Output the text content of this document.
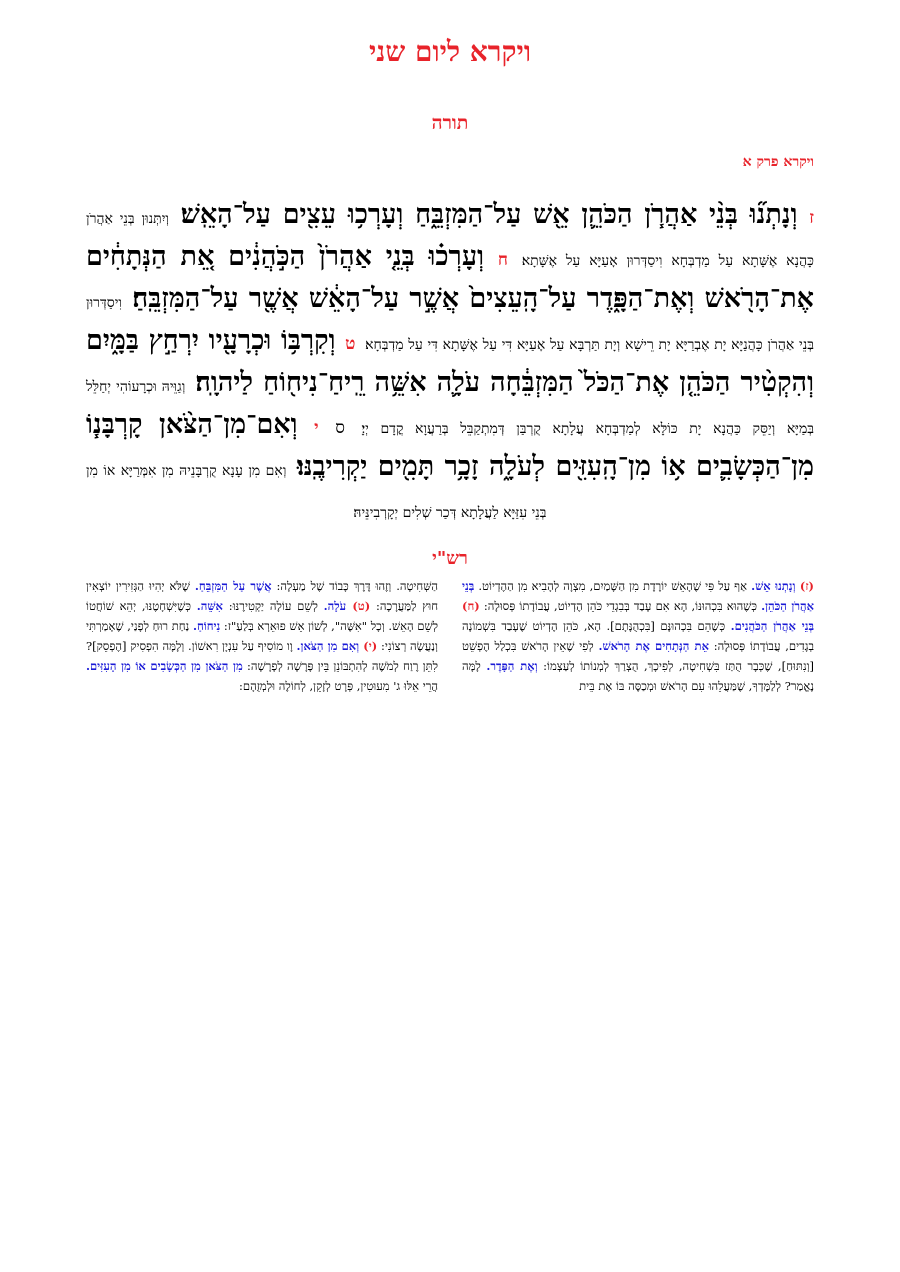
ויקרא ליום שני
תורה
ויקרא פרק א
ז וְנָתְנ֞וּ בְּנֵ֨י אַהֲרֹ֧ן הַכֹּהֵ֛ן אֵ֖שׁ עַל־הַמִּזְבֵּ֑חַ וְעָרְכ֥וּ עֵצִ֖ים עַל־הָאֵֽשׁ׃ וְיִתְּנוּן בְּנֵי אַהֲרֹן כָּהֲנָא אֶשָּׁתָא עַל מַדְבְּחָא וִיסַדְּרוּן אָעַיָּא עַל אֶשָּׁתָא׃ ח וְעָרְכ֗וּ בְּנֵ֤י אַהֲרֹן֙ הַכֹּ֣הֲנִ֔ים אֵ֚ת הַנְּתָחִ֔ים אֶת־הָרֹ֖אשׁ וְאֶת־הַפָּ֑דֶר עַל־הָֽעֵצִים֙ אֲשֶׁ֣ר עַל־הָאֵ֔שׁ אֲשֶׁ֖ר עַל־הַמִּזְבֵּֽחַ׃ וִיסַדְּרוּן בְּנֵי אַהֲרֹן כָּהֲנַיָּא יָת אֶבְרַיָּא יָת רֵישָׁא וְיָת תַּרְבָּא עַל אָעַיָּא דִּי עַל אֶשָּׁתָא דִּי עַל מַדְבְּחָא׃ ט וְקִרְבּ֥וֹ וּכְרָעָ֖יו יִרְחַ֣ץ בַּמָּ֑יִם וְהִקְטִ֨יר הַכֹּהֵ֤ן אֶת־הַכֹּל֙ הַמִּזְבֵּ֔חָה עֹלָ֛ה אִשֵּׁ֥ה רֵֽיחַ־נִיח֖וֹחַ לַיהוָֽה׃ וְגַוֵּיהּ וּכְרָעוֹהִי יְחַלֵּל בְּמַיָּא וְיַסֵּק כַּהֲנָא יָת כּוֹלָּא לְמַדְבְּחָא עֲלָתָא קֻרְבַּן דְּמִתְקַבֵּל בְּרַעֲוָא קֳדָם יְיָ׃ ס י וְאִם־מִן־הַצֹּ֨אן קָרְבָּנ֧וֹ מִן־הַכְּשָׂבִ֛ים א֥וֹ מִן־הָֽעִזִּ֖ים לְעֹלָ֑ה זָכָ֥ר תָּמִ֖ים יַקְרִיבֶֽנּוּ׃ וְאִם מִן עָנָא קֻרְבָּנֵיהּ מִן אִמְּרַיָּא אוֹ מִן בְּנֵי עִזַּיָּא לַעֲלָתָא דְּכַר שְׁלִים יְקָרְבִינֵּיהּ׃
רש"י
(ז) וְנָתְנוּ אֵשׁ. אַף עַל פִּי שֶׁהָאֵשׁ יוֹרֶדֶת מִן הַשָּׁמַיִם, מִצְוָה לְהָבִיא מִן הַהֶדְיוֹט. בְּנֵי אַהֲרֹן הַכֹּהֵן. כְּשֶׁהוּא בִּכְהוּנּוֹ, הָא אִם עָבַד בְּבִגְדֵי כֹּהֵן הֶדְיוֹט, עֲבוֹדָתוֹ פְּסוּלָה: (ח) בְּנֵי אַהֲרֹן הַכֹּהֲנִים. כְּשֶׁהֵם בִּכְהוּנָּם [בִּכְהֻנָּתָם]. הָא, כֹּהֵן הֶדְיוֹט שֶׁעָבַד בִּשְׁמוֹנָה בְגָדִים, עֲבוֹדָתוֹ פְּסוּלָה: אֵת הַנְּתָחִים אֶת הָרֹאשׁ. לְפִי שֶׁאֵין הָרֹאשׁ בִּכְלַל הֶפְשֵׁט [וְנִתּוּחַ], שֶׁכְּבָר הֻתַּז בִּשְׁחִיטָה, לְפִיכָךְ, הֻצְרַךְ לְמְנוֹתוֹ לְעַצְמוֹ: וְאֶת הַפָּדֶר. לָמָּה נֶאֱמַר? לְלַמֶּדְךָ, שֶׁמַּעֲלֵהוּ עִם הָרֹאשׁ וּמְכַסֶּה בּוֹ אֶת בֵּית
הַשְּׁחִיטָה. וְזֶהוּ דֶּרֶךְ כָּבוֹד שֶׁל מַעְלָה: אֲשֶׁר עַל הַמִּזְבֵּחַ. שֶׁלֹּא יְהִיוּ הַגְּזִירִין יוֹצְאִין חוּץ לַמַּעֲרָכָה: (ט) עֹלָה. לְשֵׁם עוֹלָה יַקְטִירֶנּוּ: אִשֵּׁה. כְּשֶׁיִּשְׁחָטֶנּוּ, יְהֵא שׁוֹחֲטוֹ לְשֵׁם הָאֵשׁ. וְכָל "אִשֶּׁה", לְשׁוֹן אֵשׁ פוּאֵרְא בְּלַעַ"ז: נִיחוֹחַ. נַחַת רוּחַ לְפָנַי, שֶׁאָמַרְתִּי וְנַעֲשָׂה רְצוֹנִי: (י) וְאִם מִן הַצֹּאן. וָו מוֹסִיף עַל עִנְיָן רִאשׁוֹן. וְלָמָּה הִפְסִיק [הֶפְסֵק]? לִתֵּן רֶוַח לְמֹשֶׁה לְהִתְבּוֹנֵן בֵּין פָּרָשָׁה לְפָרָשָׁה: מִן הַצֹּאן מִן הַכְּשָׂבִים אוֹ מִן הָעִזִּים. הֲרֵי אֵלּוּ ג' מִעוּטִין, פְּרָט לְזָקֵן, לְחוֹלֶה וּלְמְזֻהָם:
